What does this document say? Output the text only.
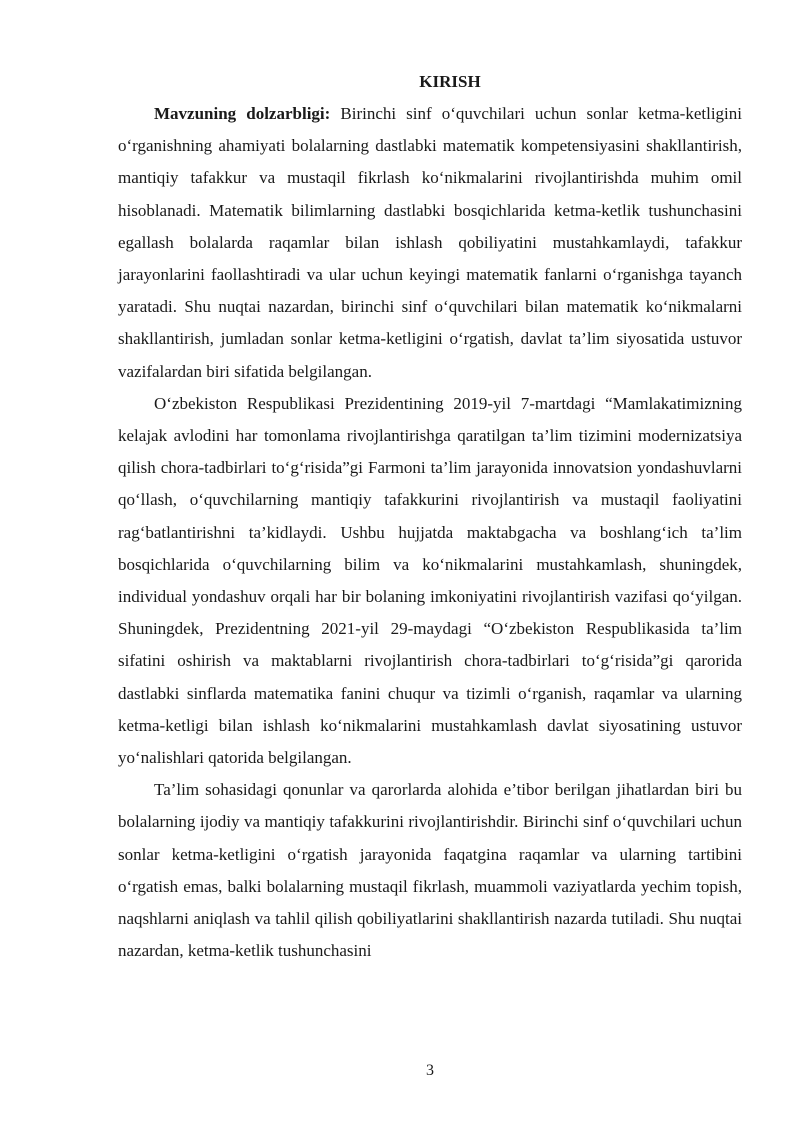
KIRISH

Mavzuning dolzarbligi: Birinchi sinf o‘quvchilari uchun sonlar ketma-ketligini o‘rganishning ahamiyati bolalarning dastlabki matematik kompetensiyasini shakllantirish, mantiqiy tafakkur va mustaqil fikrlash ko‘nikmalarini rivojlantirishda muhim omil hisoblanadi. Matematik bilimlarning dastlabki bosqichlarida ketma-ketlik tushunchasini egallash bolalarda raqamlar bilan ishlash qobiliyatini mustahkamlaydi, tafakkur jarayonlarini faollashtiradi va ular uchun keyingi matematik fanlarni o‘rganishga tayanch yaratadi. Shu nuqtai nazardan, birinchi sinf o‘quvchilari bilan matematik ko‘nikmalarni shakllantirish, jumladan sonlar ketma-ketligini o‘rgatish, davlat ta’lim siyosatida ustuvor vazifalardan biri sifatida belgilangan.

O‘zbekiston Respublikasi Prezidentining 2019-yil 7-martdagi “Mamlakatimizning kelajak avlodini har tomonlama rivojlantirishga qaratilgan ta’lim tizimini modernizatsiya qilish chora-tadbirlari to‘g‘risida”gi Farmoni ta’lim jarayonida innovatsion yondashuvlarni qo‘llash, o‘quvchilarning mantiqiy tafakkurini rivojlantirish va mustaqil faoliyatini rag‘batlantirishni ta’kidlaydi. Ushbu hujjatda maktabgacha va boshlang‘ich ta’lim bosqichlarida o‘quvchilarning bilim va ko‘nikmalarini mustahkamlash, shuningdek, individual yondashuv orqali har bir bolaning imkoniyatini rivojlantirish vazifasi qo‘yilgan. Shuningdek, Prezidentning 2021-yil 29-maydagi “O‘zbekiston Respublikasida ta’lim sifatini oshirish va maktablarni rivojlantirish chora-tadbirlari to‘g‘risida”gi qarorida dastlabki sinflarda matematika fanini chuqur va tizimli o‘rganish, raqamlar va ularning ketma-ketligi bilan ishlash ko‘nikmalarini mustahkamlash davlat siyosatining ustuvor yo‘nalishlari qatorida belgilangan.

Ta’lim sohasidagi qonunlar va qarorlarda alohida e’tibor berilgan jihatlardan biri bu bolalarning ijodiy va mantiqiy tafakkurini rivojlantirishdir. Birinchi sinf o‘quvchilari uchun sonlar ketma-ketligini o‘rgatish jarayonida faqatgina raqamlar va ularning tartibini o‘rgatish emas, balki bolalarning mustaqil fikrlash, muammoli vaziyatlarda yechim topish, naqshlarni aniqlash va tahlil qilish qobiliyatlarini shakllantirish nazarda tutiladi. Shu nuqtai nazardan, ketma-ketlik tushunchasini

3
